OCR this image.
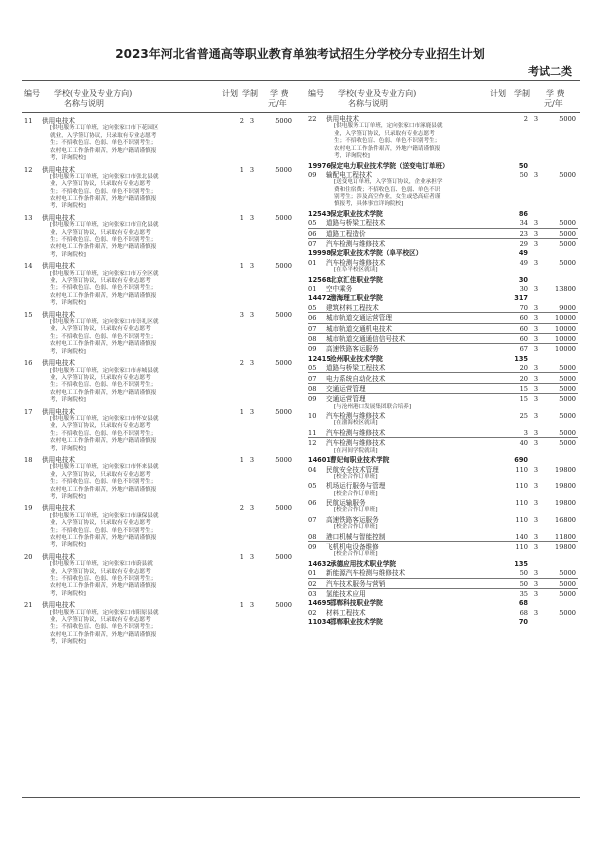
2023年河北省普通高等职业教育单独考试招生分学校分专业招生计划
考试二类
编号 学校(专业及专业方向)
名称与说明
计划 学制 学 费
元/年
11 供用电技术	2 3	5000
[供电服务工订单班，定向张家口市下花园区
就业，入学签订协议，只录取有专业志愿考
生；不招收色盲、色弱、单色不识别考生；
农村电工工作条件艰苦，外地户籍请谨慎报
考，详询院校]
12 供用电技术	1 3	5000
[供电服务工订单班，定向张家口市张北县就
业，入学签订协议，只录取有专业志愿考
生；不招收色盲、色弱、单色不识别考生；
农村电工工作条件艰苦，外地户籍请谨慎报
考，详询院校]
13 供用电技术	1 3	5000
[供电服务工订单班，定向张家口市宣化县就
业，入学签订协议，只录取有专业志愿考
生；不招收色盲、色弱、单色不识别考生；
农村电工工作条件艰苦，外地户籍请谨慎报
考，详询院校]
14 供用电技术	1 3	5000
[供电服务工订单班，定向张家口市万全区就
业，入学签订协议，只录取有专业志愿考
生；不招收色盲、色弱、单色不识别考生；
农村电工工作条件艰苦，外地户籍请谨慎报
考，详询院校]
15 供用电技术	3 3	5000
[供电服务工订单班，定向张家口市崇礼区就
业，入学签订协议，只录取有专业志愿考
生；不招收色盲、色弱、单色不识别考生；
农村电工工作条件艰苦，外地户籍请谨慎报
考，详询院校]
16 供用电技术	2 3	5000
[供电服务工订单班，定向张家口市赤城县就
业，入学签订协议，只录取有专业志愿考
生；不招收色盲、色弱、单色不识别考生；
农村电工工作条件艰苦，外地户籍请谨慎报
考，详询院校]
17 供用电技术	1 3	5000
[供电服务工订单班，定向张家口市怀安县就
业，入学签订协议，只录取有专业志愿考
生；不招收色盲、色弱、单色不识别考生；
农村电工工作条件艰苦，外地户籍请谨慎报
考，详询院校]
18 供用电技术	1 3	5000
[供电服务工订单班，定向张家口市怀来县就
业，入学签订协议，只录取有专业志愿考
生；不招收色盲、色弱、单色不识别考生；
农村电工工作条件艰苦，外地户籍请谨慎报
考，详询院校]
19 供用电技术	2 3	5000
[供电服务工订单班，定向张家口市康保县就
业，入学签订协议，只录取有专业志愿考
生；不招收色盲、色弱、单色不识别考生；
农村电工工作条件艰苦，外地户籍请谨慎报
考，详询院校]
20 供用电技术	1 3	5000
[供电服务工订单班，定向张家口市蔚县就
业，入学签订协议，只录取有专业志愿考
生；不招收色盲、色弱、单色不识别考生；
农村电工工作条件艰苦，外地户籍请谨慎报
考，详询院校]
21 供用电技术	1 3	5000
[供电服务工订单班，定向张家口市阳原县就
业，入学签订协议，只录取有专业志愿考
生；不招收色盲、色弱、单色不识别考生；
农村电工工作条件艰苦，外地户籍请谨慎报
考，详询院校]
编号 学校(专业及专业方向)
名称与说明
计划 学制 学 费
元/年
22 供用电技术	2 3	5000
[供电服务工订单班，定向张家口市涿鹿县就
业，入学签订协议，只录取有专业志愿考
生；不招收色盲、色弱、单色不识别考生；
农村电工工作条件艰苦，外地户籍请谨慎报
考，详询院校]
19976 保定电力职业技术学院（送变电订单班）	50
09 输配电工程技术	50 3	5000
[送变电订单班，入学签订协议，企业承担学
费和住宿费；不招收色盲、色弱、单色不识
别考生；涉及高空作业，女生或恐高症者谨
慎报考，具体事宜详询院校]
12543 保定职业技术学院	86
05 道路与桥梁工程技术	34 3	5000
06 道路工程造价	23 3	5000
07 汽车检测与维修技术	29 3	5000
19998 保定职业技术学院（阜平校区）	49
01 汽车检测与维修技术	49 3	5000
[在阜平校区就读]
12568 北京汇佳职业学院	30
01 空中乘务	30 3	13800
14472 渤海理工职业学院	317
05 建筑材料工程技术	70 3	9000
06 城市轨道交通运营管理	60 3	10000
07 城市轨道交通机电技术	60 3	10000
08 城市轨道交通通信信号技术	60 3	10000
09 高速铁路客运服务	67 3	10000
12415 沧州职业技术学院	135
05 道路与桥梁工程技术	20 3	5000
07 电力系统自动化技术	20 3	5000
08 交通运营管理	15 3	5000
09 交通运营管理	15 3	5000
[与沧州港口发展集团联合培养]
10 汽车检测与维修技术	25 3	5000
[在渤海校区就读]
11 汽车检测与维修技术	3 3	5000
12 汽车检测与维修技术	40 3	5000
[在河间学院就读]
14601 曹妃甸职业技术学院	690
04 民航安全技术管理	110 3	19800
[校企合作订单班]
05 机场运行服务与管理	110 3	19800
[校企合作订单班]
06 民航运输服务	110 3	19800
[校企合作订单班]
07 高速铁路客运服务	110 3	16800
[校企合作订单班]
08 港口机械与智能控制	140 3	11800
09 飞机机电设备维修	110 3	19800
[校企合作订单班]
14632 承德应用技术职业学院	135
01 新能源汽车检测与维修技术	50 3	5000
02 汽车技术服务与营销	50 3	5000
03 氢能技术应用	35 3	5000
14695 邯郸科技职业学院	68
02 材料工程技术	68 3	5000
11034 邯郸职业技术学院	70
